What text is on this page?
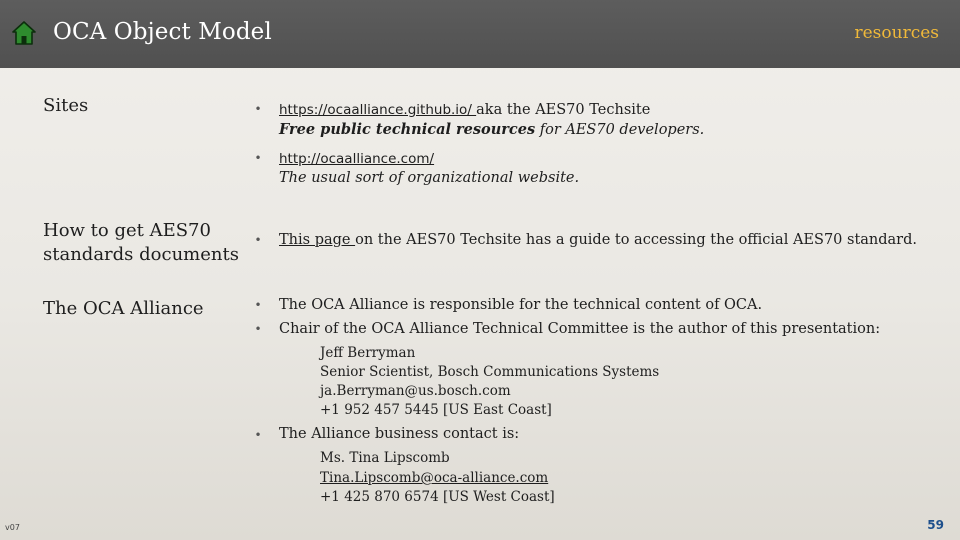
OCA Object Model	resources
Sites	• https://ocaalliance.github.io/ aka the AES70 Techsite
Free public technical resources for AES70 developers.
• http://ocaalliance.com/
The usual sort of organizational website.
How to get AES70
standards documents
• This page on the AES70 Techsite has a guide to accessing the official AES70 standard.
The OCA Alliance	• The OCA Alliance is responsible for the technical content of OCA.
• Chair of the OCA Alliance Technical Committee is the author of this presentation:
Jeff Berryman
Senior Scientist, Bosch Communications Systems
ja.Berryman@us.bosch.com
+1 952 457 5445 [US East Coast]
• The Alliance business contact is:
Ms. Tina Lipscomb
Tina.Lipscomb@oca-alliance.com
+1 425 870 6574 [US West Coast]
v07	59
